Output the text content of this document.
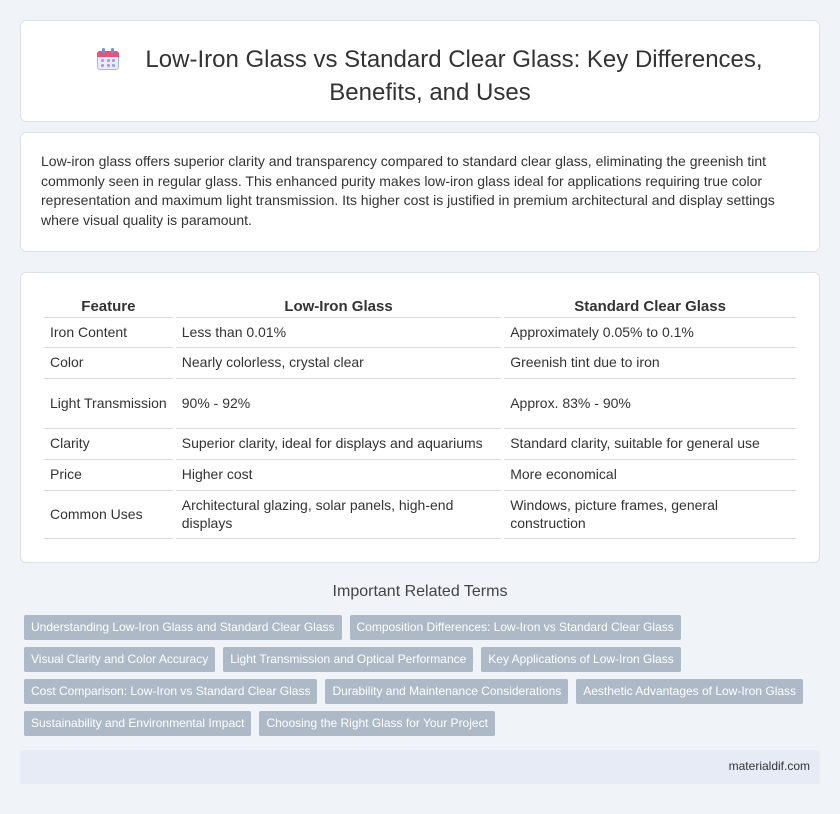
Low-Iron Glass vs Standard Clear Glass: Key Differences, Benefits, and Uses

Low-iron glass offers superior clarity and transparency compared to standard clear glass, eliminating the greenish tint commonly seen in regular glass. This enhanced purity makes low-iron glass ideal for applications requiring true color representation and maximum light transmission. Its higher cost is justified in premium architectural and display settings where visual quality is paramount.

Feature	Low-Iron Glass	Standard Clear Glass
Iron Content	Less than 0.01%	Approximately 0.05% to 0.1%
Color	Nearly colorless, crystal clear	Greenish tint due to iron
Light Transmission	90% - 92%	Approx. 83% - 90%
Clarity	Superior clarity, ideal for displays and aquariums	Standard clarity, suitable for general use
Price	Higher cost	More economical
Common Uses	Architectural glazing, solar panels, high-end displays	Windows, picture frames, general construction
Important Related Terms
Understanding Low-Iron Glass and Standard Clear Glass	Composition Differences: Low-Iron vs Standard Clear Glass
Visual Clarity and Color Accuracy	Light Transmission and Optical Performance	Key Applications of Low-Iron Glass
Cost Comparison: Low-Iron vs Standard Clear Glass	Durability and Maintenance Considerations	Aesthetic Advantages of Low-Iron Glass
Sustainability and Environmental Impact	Choosing the Right Glass for Your Project
materialdif.com
